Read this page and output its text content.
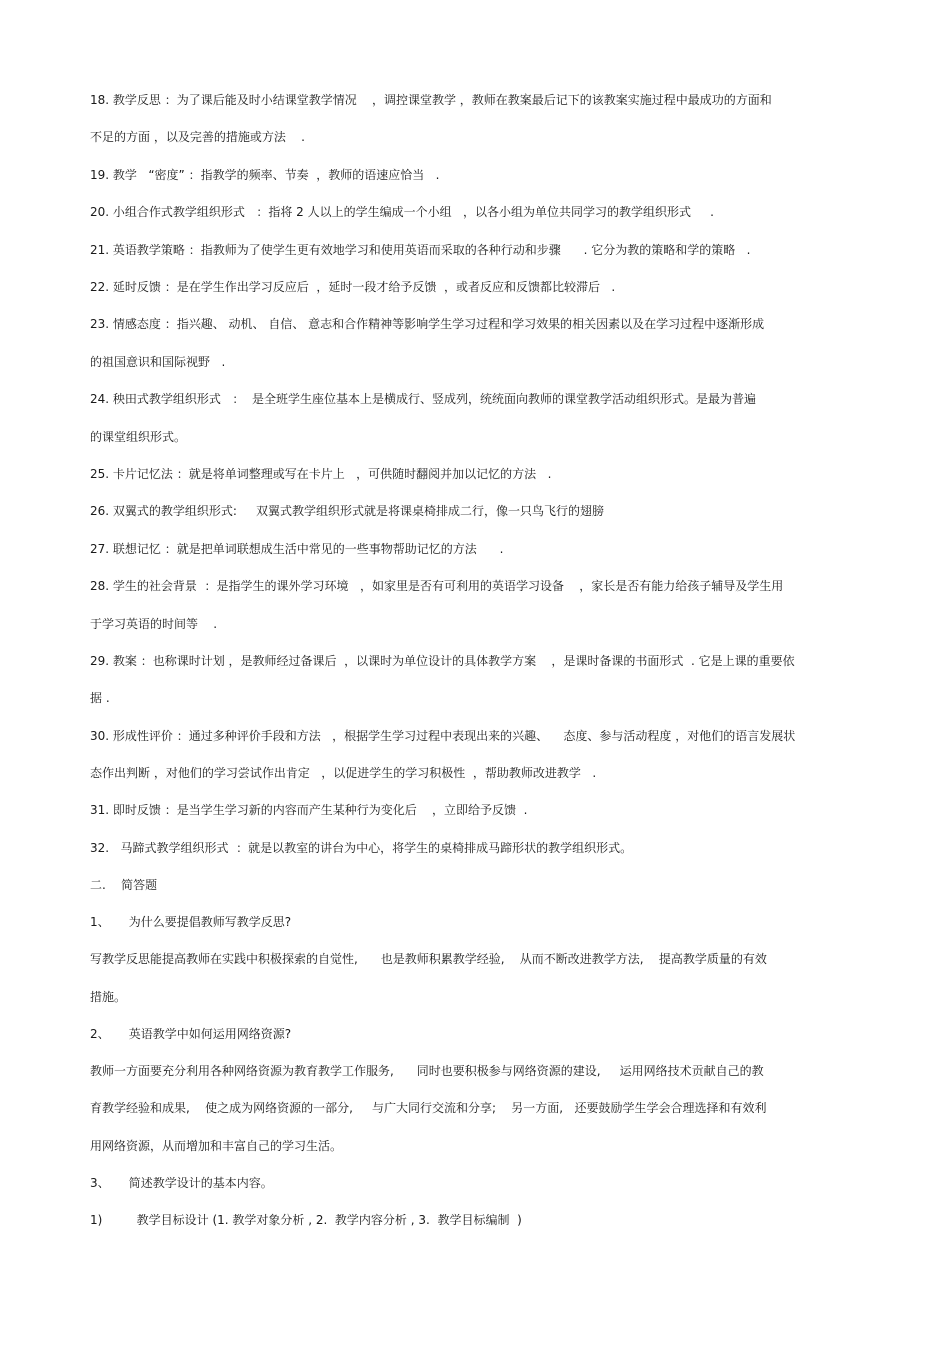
18. 教学反思 ：为了课后能及时小结课堂教学情况    ，调控课堂教学 ，教师在教案最后记下的该教案实施过程中最成功的方面和
不足的方面 ，以及完善的措施或方法    .
19. 教学   “密度” ：指教学的频率、节奏  ，教师的语速应恰当   .
20. 小组合作式教学组织形式   ：指将 2 人以上的学生编成一个小组   ，以各小组为单位共同学习的教学组织形式     .
21. 英语教学策略 ：指教师为了使学生更有效地学习和使用英语而采取的各种行动和步骤      . 它分为教的策略和学的策略   .
22. 延时反馈 ：是在学生作出学习反应后  ，延时一段才给予反馈  ，或者反应和反馈都比较滞后   .
23. 情感态度 ：指兴趣、 动机、 自信、 意志和合作精神等影响学生学习过程和学习效果的相关因素以及在学习过程中逐渐形成
的祖国意识和国际视野   .
24. 秧田式教学组织形式   ：  是全班学生座位基本上是横成行、竖成列，统统面向教师的课堂教学活动组织形式。是最为普遍
的课堂组织形式。
25. 卡片记忆法 ：就是将单词整理或写在卡片上   ，可供随时翻阅并加以记忆的方法   .
26. 双翼式的教学组织形式:     双翼式教学组织形式就是将课桌椅排成二行，像一只鸟飞行的翅膀
27. 联想记忆 ：就是把单词联想成生活中常见的一些事物帮助记忆的方法      .
28. 学生的社会背景  ：是指学生的课外学习环境   ，如家里是否有可利用的英语学习设备    ，家长是否有能力给孩子辅导及学生用
于学习英语的时间等    .
29. 教案 ：也称课时计划 ，是教师经过备课后  ，以课时为单位设计的具体教学方案    ，是课时备课的书面形式  . 它是上课的重要依
据 .
30. 形成性评价 ：通过多种评价手段和方法   ，根据学生学习过程中表现出来的兴趣、    态度、参与活动程度 ，对他们的语言发展状
态作出判断 ，对他们的学习尝试作出肯定   ，以促进学生的学习积极性  ，帮助教师改进教学   .
31. 即时反馈 ：是当学生学习新的内容而产生某种行为变化后    ，立即给予反馈  .
32.   马蹄式教学组织形式  ：就是以教室的讲台为中心，将学生的桌椅排成马蹄形状的教学组织形式。
二.    简答题
1、     为什么要提倡教师写教学反思?
写教学反思能提高教师在实践中积极探索的自觉性,      也是教师积累教学经验,    从而不断改进教学方法,    提高教学质量的有效
措施。
2、     英语教学中如何运用网络资源?
教师一方面要充分利用各种网络资源为教育教学工作服务,      同时也要积极参与网络资源的建设,     运用网络技术贡献自己的教
育教学经验和成果,    使之成为网络资源的一部分,     与广大同行交流和分享;    另一方面,   还要鼓励学生学会合理选择和有效利
用网络资源，从而增加和丰富自己的学习生活。
3、     简述教学设计的基本内容。
1)         教学目标设计 (1. 教学对象分析 , 2.  教学内容分析 , 3.  教学目标编制  )
